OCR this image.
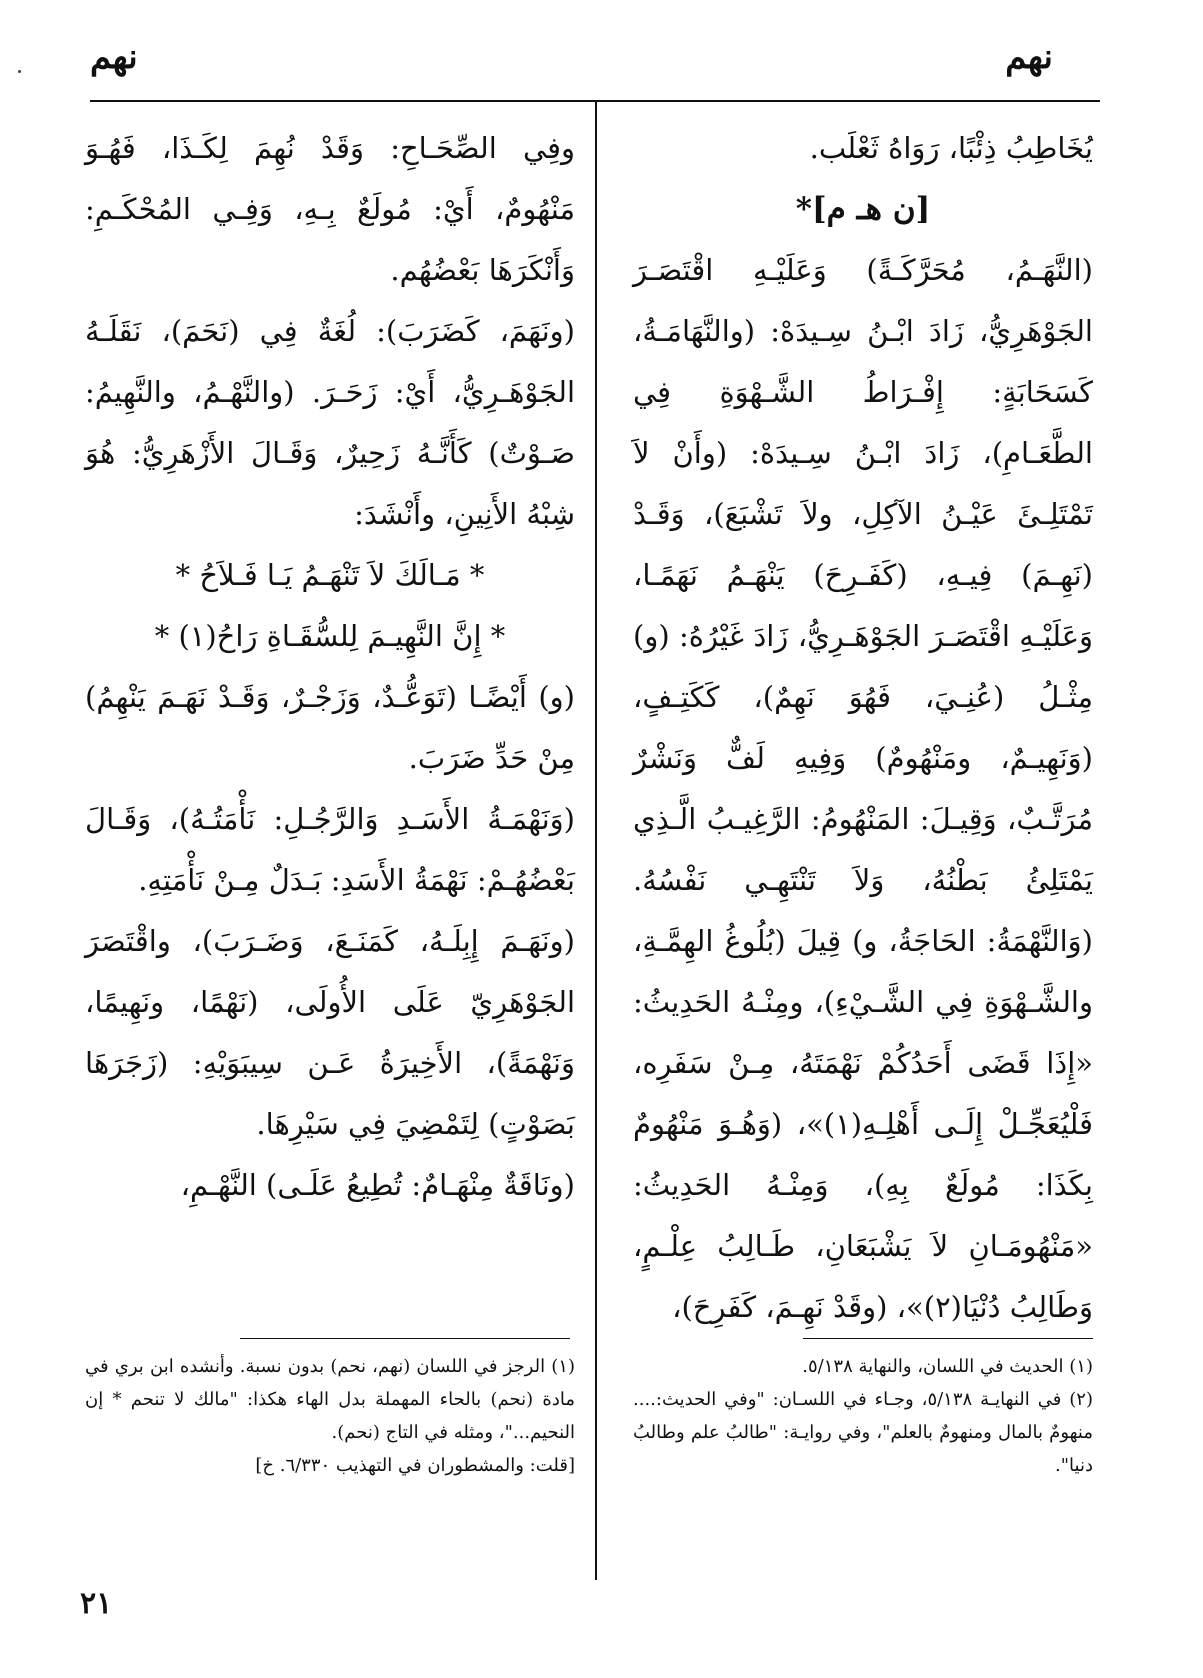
نهم
نهم

يُخَاطِبُ ذِئْبًا، رَوَاهُ ثَعْلَب.

[ن هـ م]*

(النَّهَـمُ، مُحَرَّكَـةً) وَعَلَيْـهِ اقْتَصَـرَ الجَوْهَرِيُّ، زَادَ ابْـنُ سِـيدَهْ: (والنَّهَامَـةُ، كَسَحَابَةٍ: إِفْـرَاطُ الشَّـهْوَةِ فِي الطَّعَـامِ)، زَادَ ابْـنُ سِـيدَهْ: (وأَنْ لاَ تَمْتَلِـئَ عَيْـنُ الآكِلِ، ولاَ تَشْبَعَ)، وَقَـدْ (نَهِـمَ) فِيـهِ، (كَفَـرِحَ) يَنْهَـمُ نَهَمًـا، وَعَلَيْـهِ اقْتَصَـرَ الجَوْهَـرِيُّ، زَادَ غَيْرُهُ: (و) مِثْـلُ (عُنِـيَ، فَهُوَ نَهِمٌ)، كَكَتِـفٍ، (وَنَهِيـمٌ، ومَنْهُومٌ) وَفِيهِ لَفٌّ وَنَشْرٌ مُرَتَّـبٌ، وَقِيـلَ: المَنْهُومُ: الرَّغِيـبُ الَّـذِي يَمْتَلِئُ بَطْنُهُ، وَلاَ تَنْتَهِـي نَفْسُهُ. (وَالنَّهْمَةُ: الحَاجَةُ، و) قِيلَ (بُلُوغُ الهِمَّـةِ، والشَّـهْوَةِ فِي الشَّـيْءِ)، ومِنْـهُ الحَدِيثُ: «إِذَا قَضَى أَحَدُكُمْ نَهْمَتَهُ، مِـنْ سَفَرِه، فَلْيُعَجِّـلْ إِلَـى أَهْلِـهِ(١)»، (وَهُـوَ مَنْهُومٌ بِكَذَا: مُولَعٌ بِهِ)، وَمِنْـهُ الحَدِيثُ: «مَنْهُومَـانِ لاَ يَشْبَعَانِ، طَـالِبُ عِلْـمٍ، وَطَالِبُ دُنْيَا(٢)»، (وقَدْ نَهِـمَ، كَفَرِحَ)،

وفِي الصِّحَـاحِ: وَقَدْ نُهِمَ لِكَـذَا، فَهُـوَ مَنْهُومٌ، أَيْ: مُولَعٌ بِـهِ، وَفِـي المُحْكَـمِ: وَأَنْكَرَهَا بَعْضُهُم.

(ونَهَمَ، كَضَرَبَ): لُغَةٌ فِي (نَحَمَ)، نَقَلَـهُ الجَوْهَـرِيُّ، أَيْ: زَحَـرَ. (والنَّهْـمُ، والنَّهِيمُ: صَـوْتٌ) كَأَنَّـهُ زَحِيرٌ، وَقَـالَ الأَزْهَرِيُّ: هُوَ شِبْهُ الأَنِينِ، وأَنْشَدَ:

* مَـالَكَ لاَ تَنْهَـمُ يَـا فَـلاَحُ *

* إِنَّ النَّهِيـمَ لِلسُّقَـاةِ رَاحُ(١) *

(و) أَيْضًـا (تَوَعُّـدٌ، وَزَجْـرٌ، وَقَـدْ نَهَـمَ يَنْهِمُ) مِنْ حَدِّ ضَرَبَ.

(وَنَهْمَـةُ الأَسَـدِ وَالرَّجُـلِ: نَأْمَتُـهُ)، وَقَـالَ بَعْضُهُـمْ: نَهْمَةُ الأَسَدِ: بَـدَلٌ مِـنْ نَأْمَتِهِ.

(ونَهَـمَ إِبِلَـهُ، كَمَنَـعَ، وَضَـرَبَ)، واقْتَصَرَ الجَوْهَرِيّ عَلَى الأُولَى، (نَهْمًا، ونَهِيمًا، وَنَهْمَةً)، الأَخِيرَةُ عَـن سِيبَوَيْهِ: (زَجَرَهَا بَصَوْتٍ) لِتَمْضِيَ فِي سَيْرِهَا.

(ونَاقَةٌ مِنْهَـامٌ: تُطِيعُ عَلَـى) النَّهْـمِ،

(١) الحديث في اللسان، والنهاية ٥/١٣٨.

(٢) في النهايـة ٥/١٣٨، وجـاء في اللسـان: "وفي الحديث:.... منهومٌ بالمال ومنهومٌ بالعلم"، وفي روايـة: "طالبُ علم وطالبُ دنيا".

(١) الرجز في اللسان (نهم، نحم) بدون نسبة. وأنشده ابن بري في مادة (نحم) بالحاء المهملة بدل الهاء هكذا: "مالك لا تنحم * إن النحيم..."، ومثله في التاج (نحم).

[قلت: والمشطوران في التهذيب ٦/٣٣٠. خ]

٢١
